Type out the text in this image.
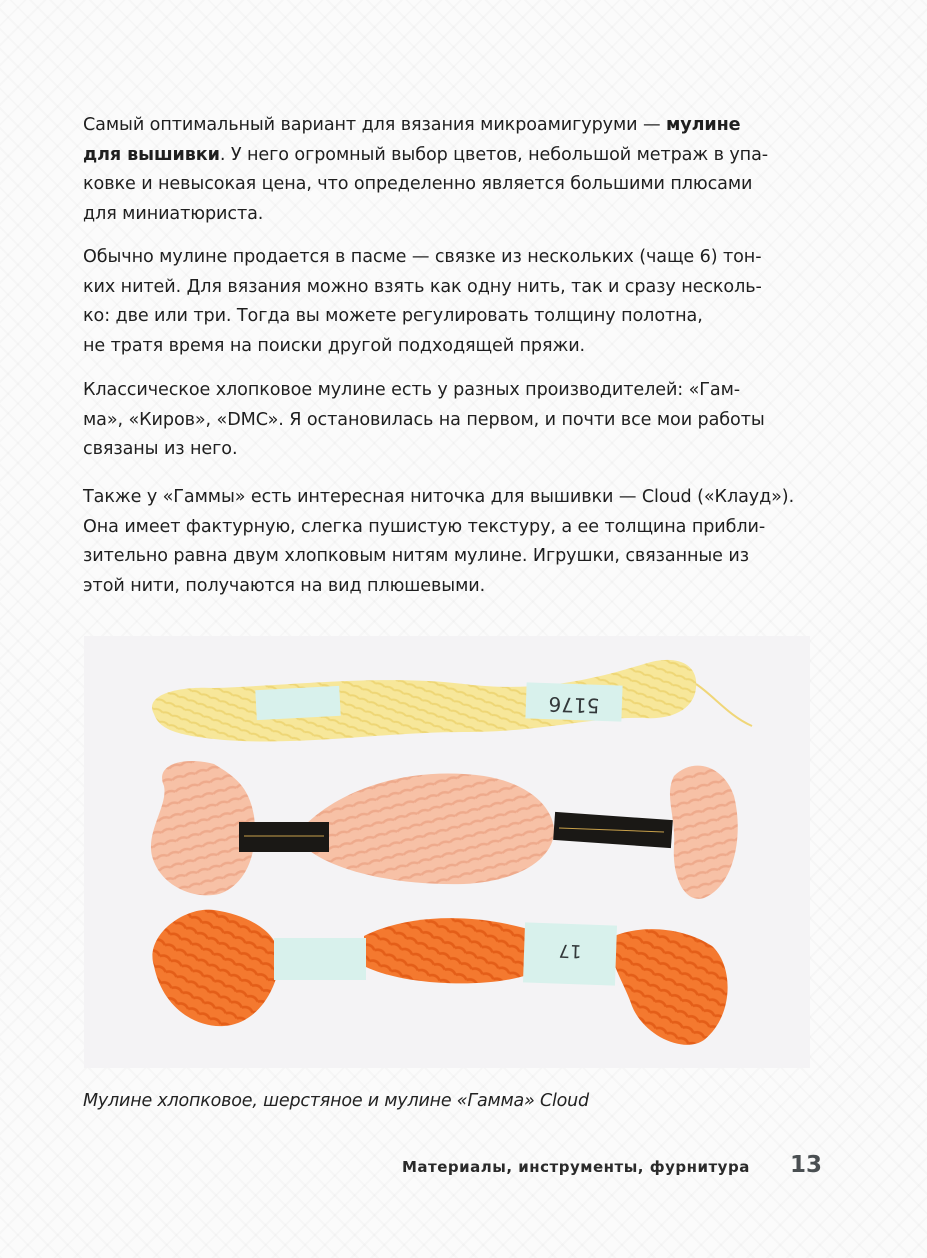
Самый оптимальный вариант для вязания микроамигуруми — мулине
для вышивки. У него огромный выбор цветов, небольшой метраж в упа-
ковке и невысокая цена, что определенно является большими плюсами
для миниатюриста.

Обычно мулине продается в пасме — связке из нескольких (чаще 6) тон-
ких нитей. Для вязания можно взять как одну нить, так и сразу несколь-
ко: две или три. Тогда вы можете регулировать толщину полотна,
не тратя время на поиски другой подходящей пряжи.

Классическое хлопковое мулине есть у разных производителей: «Гам-
ма», «Киров», «DMC». Я остановилась на первом, и почти все мои работы
связаны из него.

Также у «Гаммы» есть интересная ниточка для вышивки — Cloud («Клауд»).
Она имеет фактурную, слегка пушистую текстуру, а ее толщина прибли-
зительно равна двум хлопковым нитям мулине. Игрушки, связанные из
этой нити, получаются на вид плюшевыми.

5176
17
Мулине хлопковое, шерстяное и мулине «Гамма» Cloud
Материалы, инструменты, фурнитура 13
